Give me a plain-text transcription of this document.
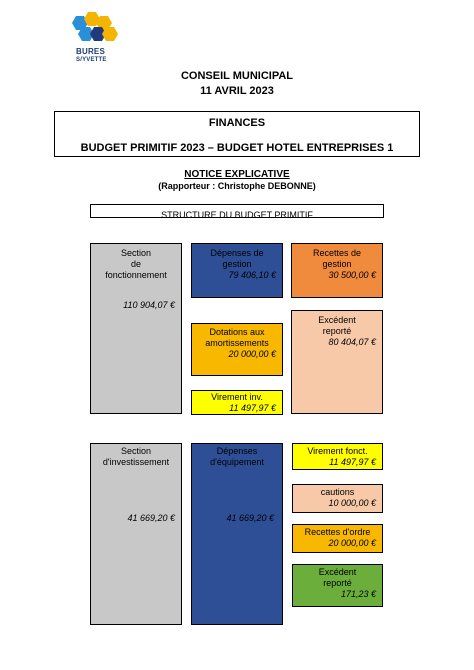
BURES
S/YVETTE
CONSEIL MUNICIPAL
11 AVRIL 2023
FINANCES
BUDGET PRIMITIF 2023 – BUDGET HOTEL ENTREPRISES 1
NOTICE EXPLICATIVE
(Rapporteur : Christophe DEBONNE)
STRUCTURE DU BUDGET PRIMITIF
Section
de
fonctionnement
110 904,07 €
Dépenses de
gestion
79 406,10 €
Recettes de
gestion
30 500,00 €
Dotations aux
amortissements
20 000,00 €
Excédent
reporté
80 404,07 €
Virement inv.
11 497,97 €
Section
d'investissement
41 669,20 €
Dépenses
d'équipement
41 669,20 €
Virement fonct.
11 497,97 €
cautions
10 000,00 €
Recettes d'ordre
20 000,00 €
Excédent
reporté
171,23 €
